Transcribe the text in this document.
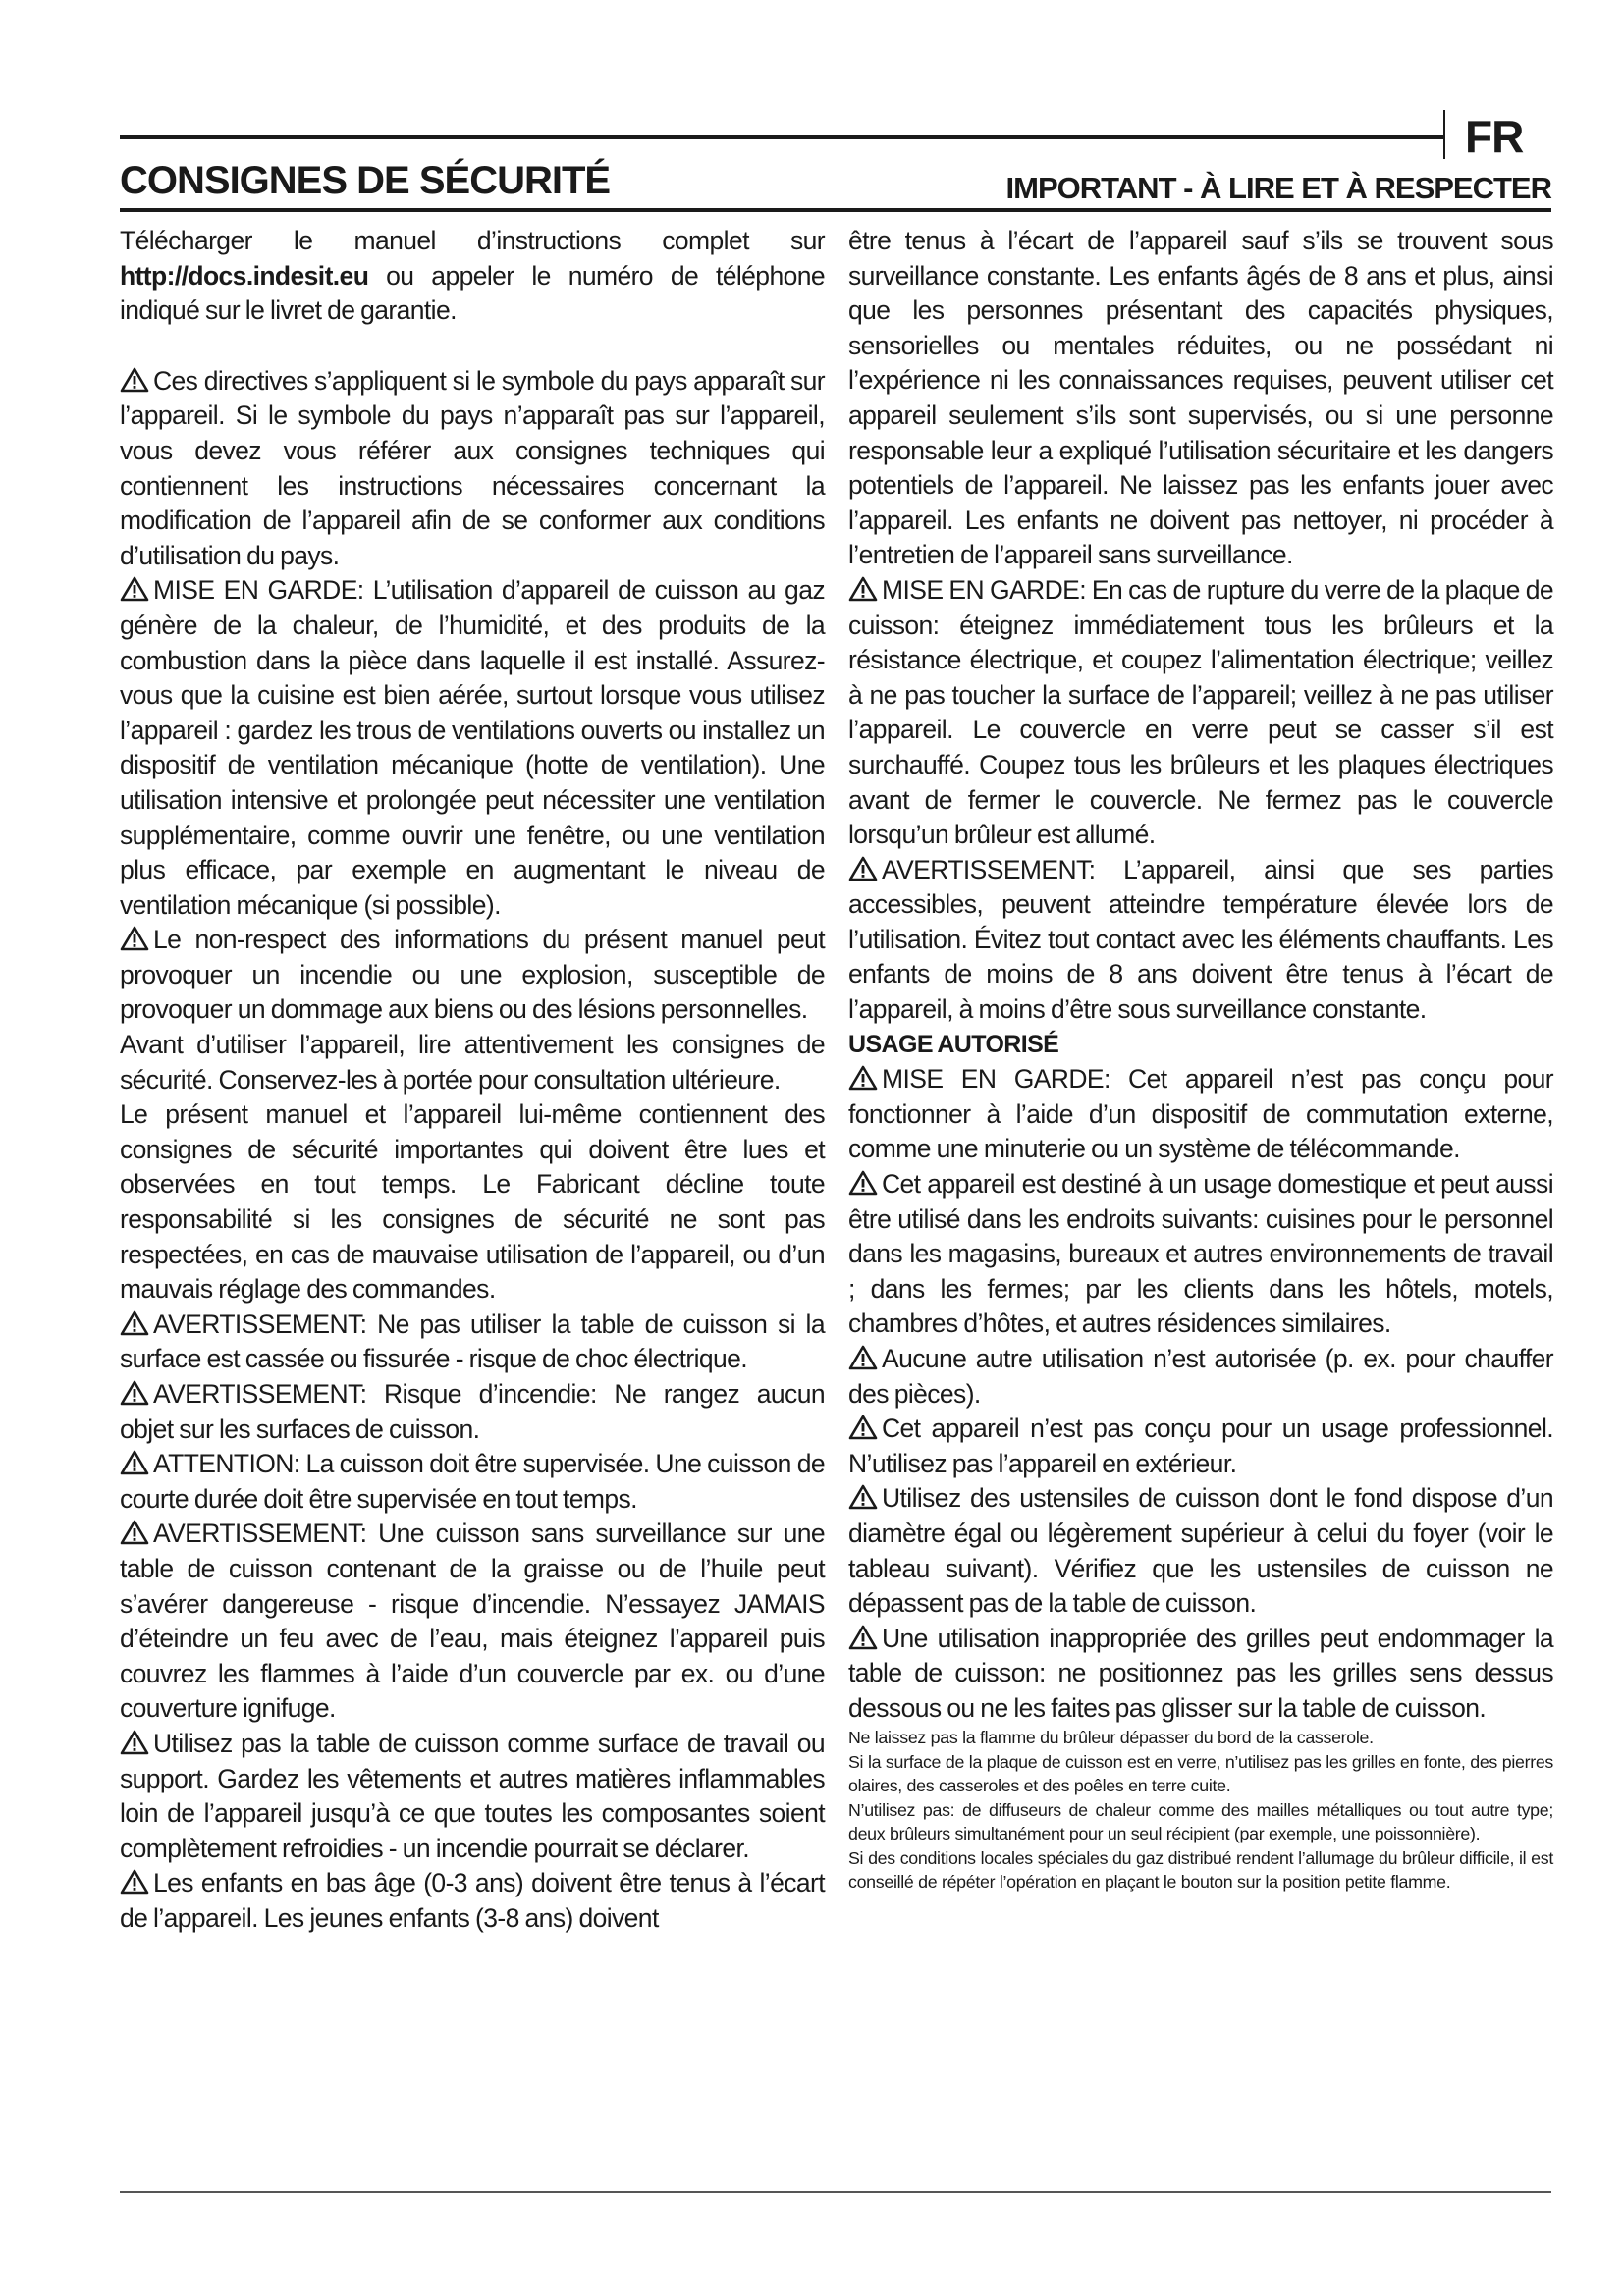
FR
CONSIGNES DE SÉCURITÉ	IMPORTANT - À LIRE ET À RESPECTER

Télécharger le manuel d’instructions complet sur http://docs.indesit.eu ou appeler le numéro de téléphone indiqué sur le livret de garantie.

Ces directives s’appliquent si le symbole du pays apparaît sur l’appareil. Si le symbole du pays n’apparaît pas sur l’appareil, vous devez vous référer aux consignes techniques qui contiennent les instructions nécessaires concernant la modification de l’appareil afin de se conformer aux conditions d’utilisation du pays.

MISE EN GARDE: L’utilisation d’appareil de cuisson au gaz génère de la chaleur, de l’humidité, et des produits de la combustion dans la pièce dans laquelle il est installé. Assurez-vous que la cuisine est bien aérée, surtout lorsque vous utilisez l’appareil : gardez les trous de ventilations ouverts ou installez un dispositif de ventilation mécanique (hotte de ventilation). Une utilisation intensive et prolongée peut nécessiter une ventilation supplémentaire, comme ouvrir une fenêtre, ou une ventilation plus efficace, par exemple en augmentant le niveau de ventilation mécanique (si possible).

Le non-respect des informations du présent manuel peut provoquer un incendie ou une explosion, susceptible de provoquer un dommage aux biens ou des lésions personnelles.

Avant d’utiliser l’appareil, lire attentivement les consignes de sécurité. Conservez-les à portée pour consultation ultérieure.

Le présent manuel et l’appareil lui-même contiennent des consignes de sécurité importantes qui doivent être lues et observées en tout temps. Le Fabricant décline toute responsabilité si les consignes de sécurité ne sont pas respectées, en cas de mauvaise utilisation de l’appareil, ou d’un mauvais réglage des commandes.

AVERTISSEMENT: Ne pas utiliser la table de cuisson si la surface est cassée ou fissurée - risque de choc électrique.

AVERTISSEMENT: Risque d’incendie: Ne rangez aucun objet sur les surfaces de cuisson.

ATTENTION: La cuisson doit être supervisée. Une cuisson de courte durée doit être supervisée en tout temps.

AVERTISSEMENT: Une cuisson sans surveillance sur une table de cuisson contenant de la graisse ou de l’huile peut s’avérer dangereuse - risque d’incendie. N’essayez JAMAIS d’éteindre un feu avec de l’eau, mais éteignez l’appareil puis couvrez les flammes à l’aide d’un couvercle par ex. ou d’une couverture ignifuge.

Utilisez pas la table de cuisson comme surface de travail ou support. Gardez les vêtements et autres matières inflammables loin de l’appareil jusqu’à ce que toutes les composantes soient complètement refroidies - un incendie pourrait se déclarer.

Les enfants en bas âge (0-3 ans) doivent être tenus à l’écart de l’appareil. Les jeunes enfants (3-8 ans) doivent

être tenus à l’écart de l’appareil sauf s’ils se trouvent sous surveillance constante. Les enfants âgés de 8 ans et plus, ainsi que les personnes présentant des capacités physiques, sensorielles ou mentales réduites, ou ne possédant ni l’expérience ni les connaissances requises, peuvent utiliser cet appareil seulement s’ils sont supervisés, ou si une personne responsable leur a expliqué l’utilisation sécuritaire et les dangers potentiels de l’appareil. Ne laissez pas les enfants jouer avec l’appareil. Les enfants ne doivent pas nettoyer, ni procéder à l’entretien de l’appareil sans surveillance.

MISE EN GARDE: En cas de rupture du verre de la plaque de cuisson: éteignez immédiatement tous les brûleurs et la résistance électrique, et coupez l’alimentation électrique; veillez à ne pas toucher la surface de l’appareil; veillez à ne pas utiliser l’appareil. Le couvercle en verre peut se casser s’il est surchauffé. Coupez tous les brûleurs et les plaques électriques avant de fermer le couvercle. Ne fermez pas le couvercle lorsqu’un brûleur est allumé.

AVERTISSEMENT: L’appareil, ainsi que ses parties accessibles, peuvent atteindre température élevée lors de l’utilisation. Évitez tout contact avec les éléments chauffants. Les enfants de moins de 8 ans doivent être tenus à l’écart de l’appareil, à moins d’être sous surveillance constante.

USAGE AUTORISÉ

MISE EN GARDE: Cet appareil n’est pas conçu pour fonctionner à l’aide d’un dispositif de commutation externe, comme une minuterie ou un système de télécommande.

Cet appareil est destiné à un usage domestique et peut aussi être utilisé dans les endroits suivants: cuisines pour le personnel dans les magasins, bureaux et autres environnements de travail ; dans les fermes; par les clients dans les hôtels, motels, chambres d’hôtes, et autres résidences similaires.

Aucune autre utilisation n’est autorisée (p. ex. pour chauffer des pièces).

Cet appareil n’est pas conçu pour un usage professionnel. N’utilisez pas l’appareil en extérieur.

Utilisez des ustensiles de cuisson dont le fond dispose d’un diamètre égal ou légèrement supérieur à celui du foyer (voir le tableau suivant). Vérifiez que les ustensiles de cuisson ne dépassent pas de la table de cuisson.

Une utilisation inappropriée des grilles peut endommager la table de cuisson: ne positionnez pas les grilles sens dessus dessous ou ne les faites pas glisser sur la table de cuisson.

Ne laissez pas la flamme du brûleur dépasser du bord de la casserole.

Si la surface de la plaque de cuisson est en verre, n’utilisez pas les grilles en fonte, des pierres olaires, des casseroles et des poêles en terre cuite.

N’utilisez pas: de diffuseurs de chaleur comme des mailles métalliques ou tout autre type; deux brûleurs simultanément pour un seul récipient (par exemple, une poissonnière).

Si des conditions locales spéciales du gaz distribué rendent l’allumage du brûleur difficile, il est conseillé de répéter l’opération en plaçant le bouton sur la position petite flamme.
